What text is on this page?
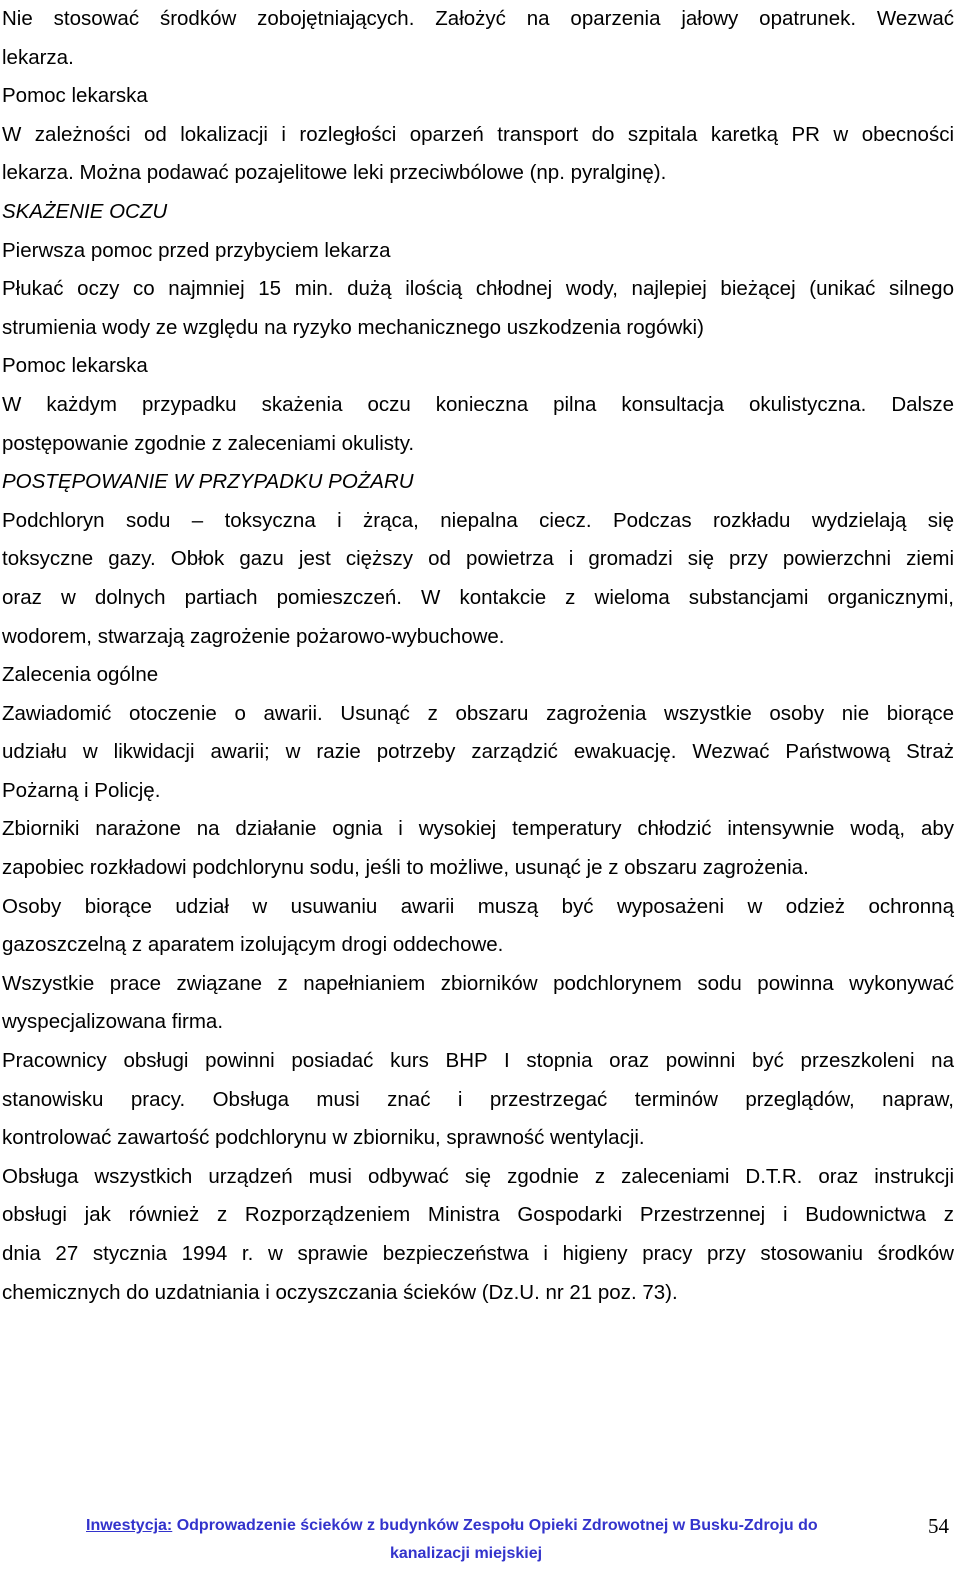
Nie stosować środków zobojętniających. Założyć na oparzenia jałowy opatrunek. Wezwać

lekarza.

Pomoc lekarska

W zależności od lokalizacji i rozległości oparzeń transport do szpitala karetką PR w obecności

lekarza. Można podawać pozajelitowe leki przeciwbólowe (np. pyralginę).

SKAŻENIE OCZU

Pierwsza pomoc przed przybyciem lekarza

Płukać oczy co najmniej 15 min. dużą ilością chłodnej wody, najlepiej bieżącej (unikać silnego

strumienia wody ze względu na ryzyko mechanicznego uszkodzenia rogówki)

Pomoc lekarska

W każdym przypadku skażenia oczu konieczna pilna konsultacja okulistyczna. Dalsze

postępowanie zgodnie z zaleceniami okulisty.

POSTĘPOWANIE W PRZYPADKU POŻARU

Podchloryn sodu – toksyczna i żrąca, niepalna ciecz. Podczas rozkładu wydzielają się

toksyczne gazy. Obłok gazu jest cięższy od powietrza i gromadzi się przy powierzchni ziemi

oraz w dolnych partiach pomieszczeń. W kontakcie z wieloma substancjami organicznymi,

wodorem, stwarzają zagrożenie pożarowo-wybuchowe.

Zalecenia ogólne

Zawiadomić otoczenie o awarii. Usunąć z obszaru zagrożenia wszystkie osoby nie biorące

udziału w likwidacji awarii; w razie potrzeby zarządzić ewakuację. Wezwać Państwową Straż

Pożarną i Policję.

Zbiorniki narażone na działanie ognia i wysokiej temperatury chłodzić intensywnie wodą, aby

zapobiec rozkładowi podchlorynu sodu, jeśli to możliwe, usunąć je z obszaru zagrożenia.

Osoby biorące udział w usuwaniu awarii muszą być wyposażeni w odzież ochronną

gazoszczelną z aparatem izolującym drogi oddechowe.

Wszystkie prace związane z napełnianiem zbiorników podchlorynem sodu powinna wykonywać

wyspecjalizowana firma.

Pracownicy obsługi powinni posiadać kurs BHP I stopnia oraz powinni być przeszkoleni na

stanowisku pracy. Obsługa musi znać i przestrzegać terminów przeglądów, napraw,

kontrolować zawartość podchlorynu w zbiorniku, sprawność wentylacji.

Obsługa wszystkich urządzeń musi odbywać się zgodnie z zaleceniami D.T.R. oraz instrukcji

obsługi jak również z Rozporządzeniem Ministra Gospodarki Przestrzennej i Budownictwa z

dnia 27 stycznia 1994 r. w sprawie bezpieczeństwa i higieny pracy przy stosowaniu środków

chemicznych do uzdatniania i oczyszczania ścieków (Dz.U. nr 21 poz. 73).

Inwestycja: Odprowadzenie ścieków z budynków Zespołu Opieki Zdrowotnej w Busku-Zdroju do
kanalizacji miejskiej
54
